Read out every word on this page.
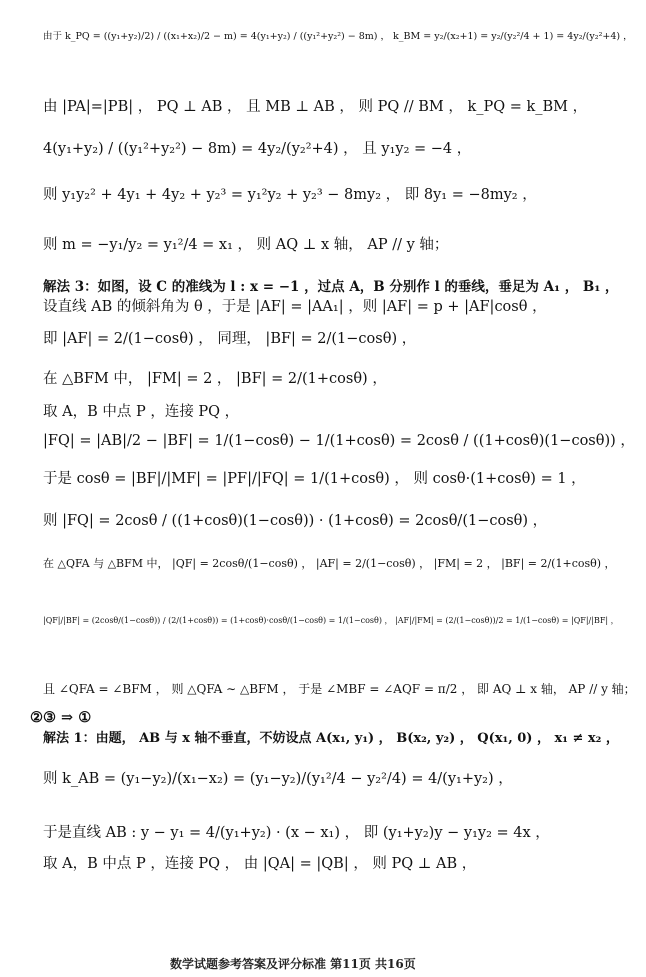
由于 k_PQ = ((y₁+y₂)/2) / ((x₁+x₂)/2 − m) = 4(y₁+y₂) / ((y₁²+y₂²) − 8m) ， k_BM = y₂/(x₂+1) = y₂/(y₂²/4 + 1) = 4y₂/(y₂²+4) ，
由 |PA|=|PB| ， PQ ⊥ AB ， 且 MB ⊥ AB ， 则 PQ // BM ， k_PQ = k_BM ，
4(y₁+y₂) / ((y₁²+y₂²) − 8m) = 4y₂/(y₂²+4) ， 且 y₁y₂ = −4 ，
则 y₁y₂² + 4y₁ + 4y₂ + y₂³ = y₁²y₂ + y₂³ − 8my₂ ， 即 8y₁ = −8my₂ ，
则 m = −y₁/y₂ = y₁²/4 = x₁ ， 则 AQ ⊥ x 轴， AP // y 轴；
解法 3：如图，设 C 的准线为 l : x = −1 ，过点 A，B 分别作 l 的垂线，垂足为 A₁ ， B₁ ，
设直线 AB 的倾斜角为 θ ，于是 |AF| = |AA₁| ，则 |AF| = p + |AF|cosθ ，
即 |AF| = 2/(1−cosθ) ， 同理， |BF| = 2/(1−cosθ) ，
在 △BFM 中， |FM| = 2 ， |BF| = 2/(1+cosθ) ，
取 A，B 中点 P ，连接 PQ ，
|FQ| = |AB|/2 − |BF| = 1/(1−cosθ) − 1/(1+cosθ) = 2cosθ / ((1+cosθ)(1−cosθ)) ，
于是 cosθ = |BF|/|MF| = |PF|/|FQ| = 1/(1+cosθ) ， 则 cosθ·(1+cosθ) = 1 ，
则 |FQ| = 2cosθ / ((1+cosθ)(1−cosθ)) · (1+cosθ) = 2cosθ/(1−cosθ) ，
在 △QFA 与 △BFM 中， |QF| = 2cosθ/(1−cosθ) ， |AF| = 2/(1−cosθ) ， |FM| = 2 ， |BF| = 2/(1+cosθ) ，
|QF|/|BF| = (2cosθ/(1−cosθ)) / (2/(1+cosθ)) = (1+cosθ)·cosθ/(1−cosθ) = 1/(1−cosθ) ， |AF|/|FM| = (2/(1−cosθ))/2 = 1/(1−cosθ) = |QF|/|BF| ，
且 ∠QFA = ∠BFM ， 则 △QFA ∼ △BFM ， 于是 ∠MBF = ∠AQF = π/2 ， 即 AQ ⊥ x 轴， AP // y 轴；
②③ ⇒ ①
解法 1：由题， AB 与 x 轴不垂直，不妨设点 A(x₁, y₁) ， B(x₂, y₂) ， Q(x₁, 0) ， x₁ ≠ x₂ ，
则 k_AB = (y₁−y₂)/(x₁−x₂) = (y₁−y₂)/(y₁²/4 − y₂²/4) = 4/(y₁+y₂) ，
于是直线 AB : y − y₁ = 4/(y₁+y₂) · (x − x₁) ， 即 (y₁+y₂)y − y₁y₂ = 4x ，
取 A，B 中点 P ，连接 PQ ， 由 |QA| = |QB| ， 则 PQ ⊥ AB ，
数学试题参考答案及评分标准 第11页 共16页
